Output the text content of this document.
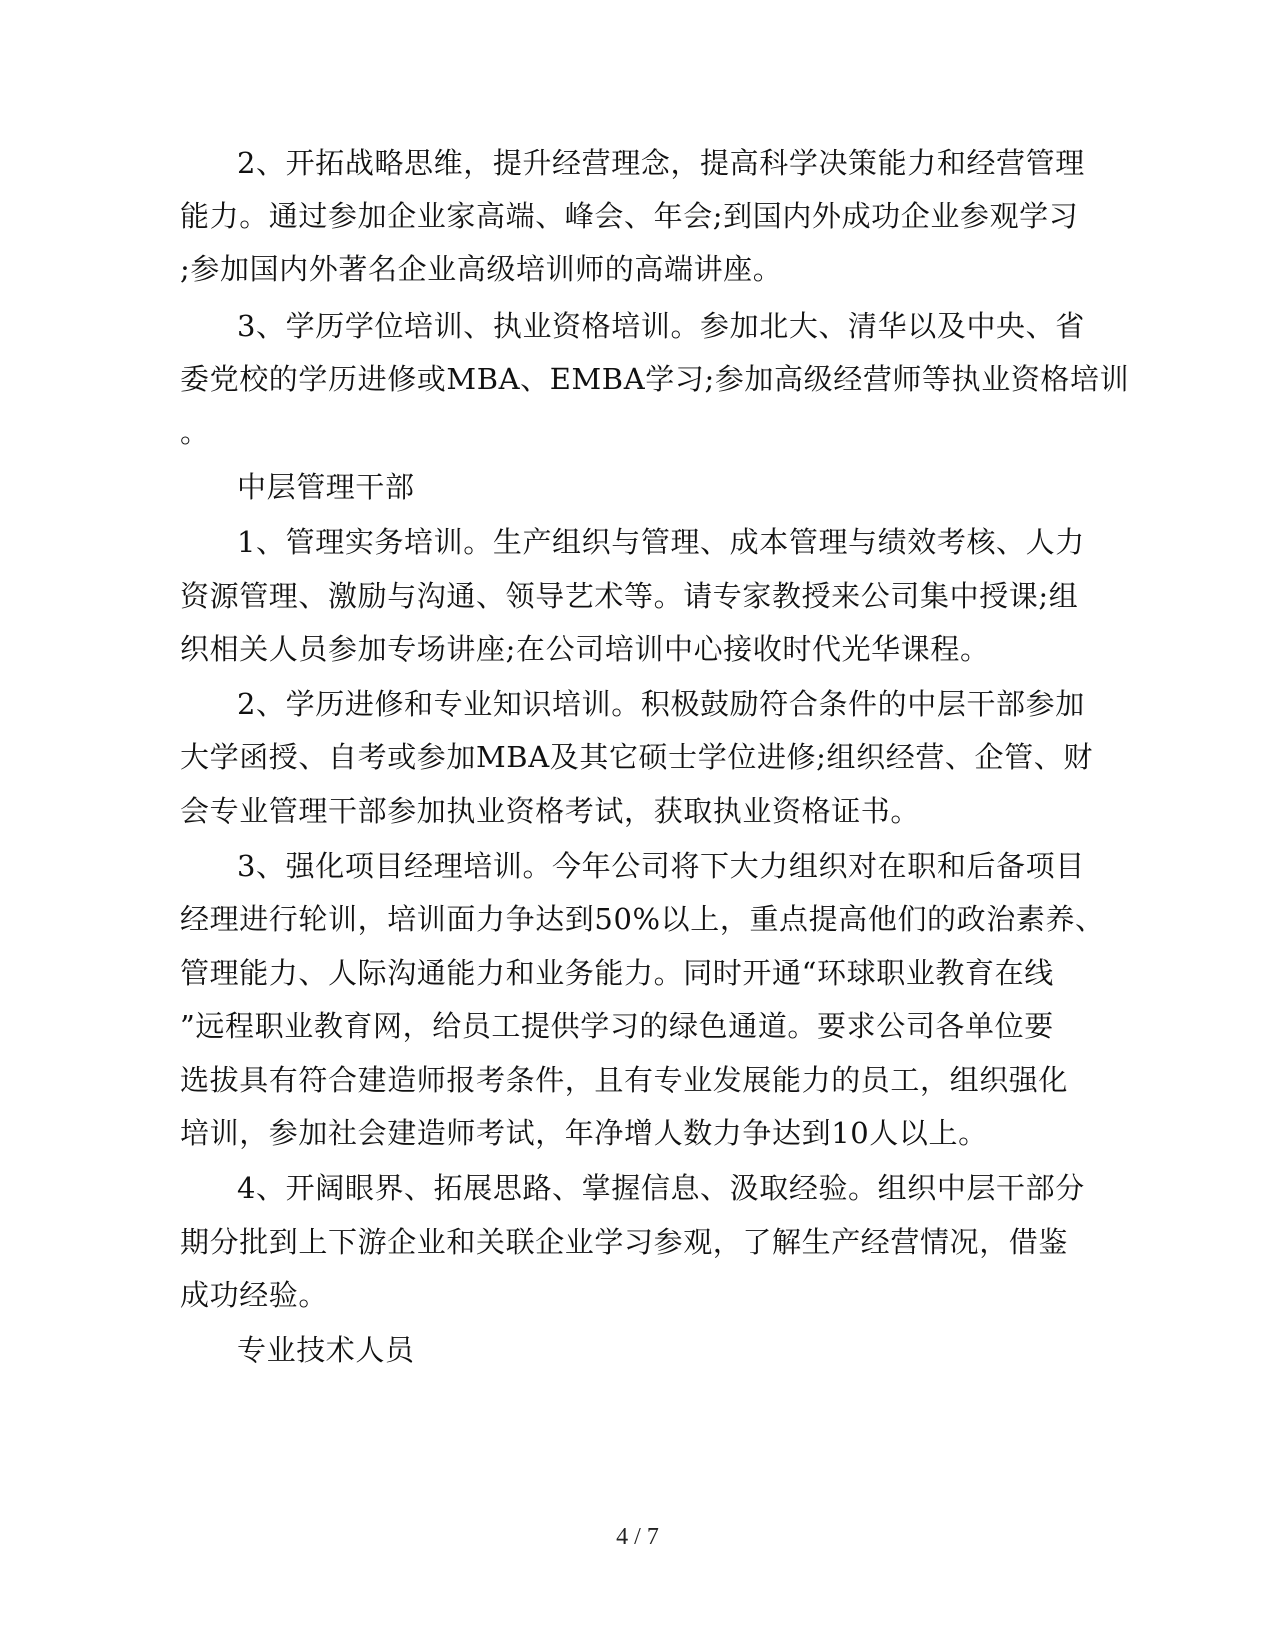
2、开拓战略思维，提升经营理念，提高科学决策能力和经营管理
能力。通过参加企业家高端、峰会、年会;到国内外成功企业参观学习
;参加国内外著名企业高级培训师的高端讲座。
3、学历学位培训、执业资格培训。参加北大、清华以及中央、省
委党校的学历进修或MBA、EMBA学习;参加高级经营师等执业资格培训
。
中层管理干部
1、管理实务培训。生产组织与管理、成本管理与绩效考核、人力
资源管理、激励与沟通、领导艺术等。请专家教授来公司集中授课;组
织相关人员参加专场讲座;在公司培训中心接收时代光华课程。
2、学历进修和专业知识培训。积极鼓励符合条件的中层干部参加
大学函授、自考或参加MBA及其它硕士学位进修;组织经营、企管、财
会专业管理干部参加执业资格考试，获取执业资格证书。
3、强化项目经理培训。今年公司将下大力组织对在职和后备项目
经理进行轮训，培训面力争达到50%以上，重点提高他们的政治素养、
管理能力、人际沟通能力和业务能力。同时开通“环球职业教育在线
”远程职业教育网，给员工提供学习的绿色通道。要求公司各单位要
选拔具有符合建造师报考条件，且有专业发展能力的员工，组织强化
培训，参加社会建造师考试，年净增人数力争达到10人以上。
4、开阔眼界、拓展思路、掌握信息、汲取经验。组织中层干部分
期分批到上下游企业和关联企业学习参观，了解生产经营情况，借鉴
成功经验。
专业技术人员
4 / 7
